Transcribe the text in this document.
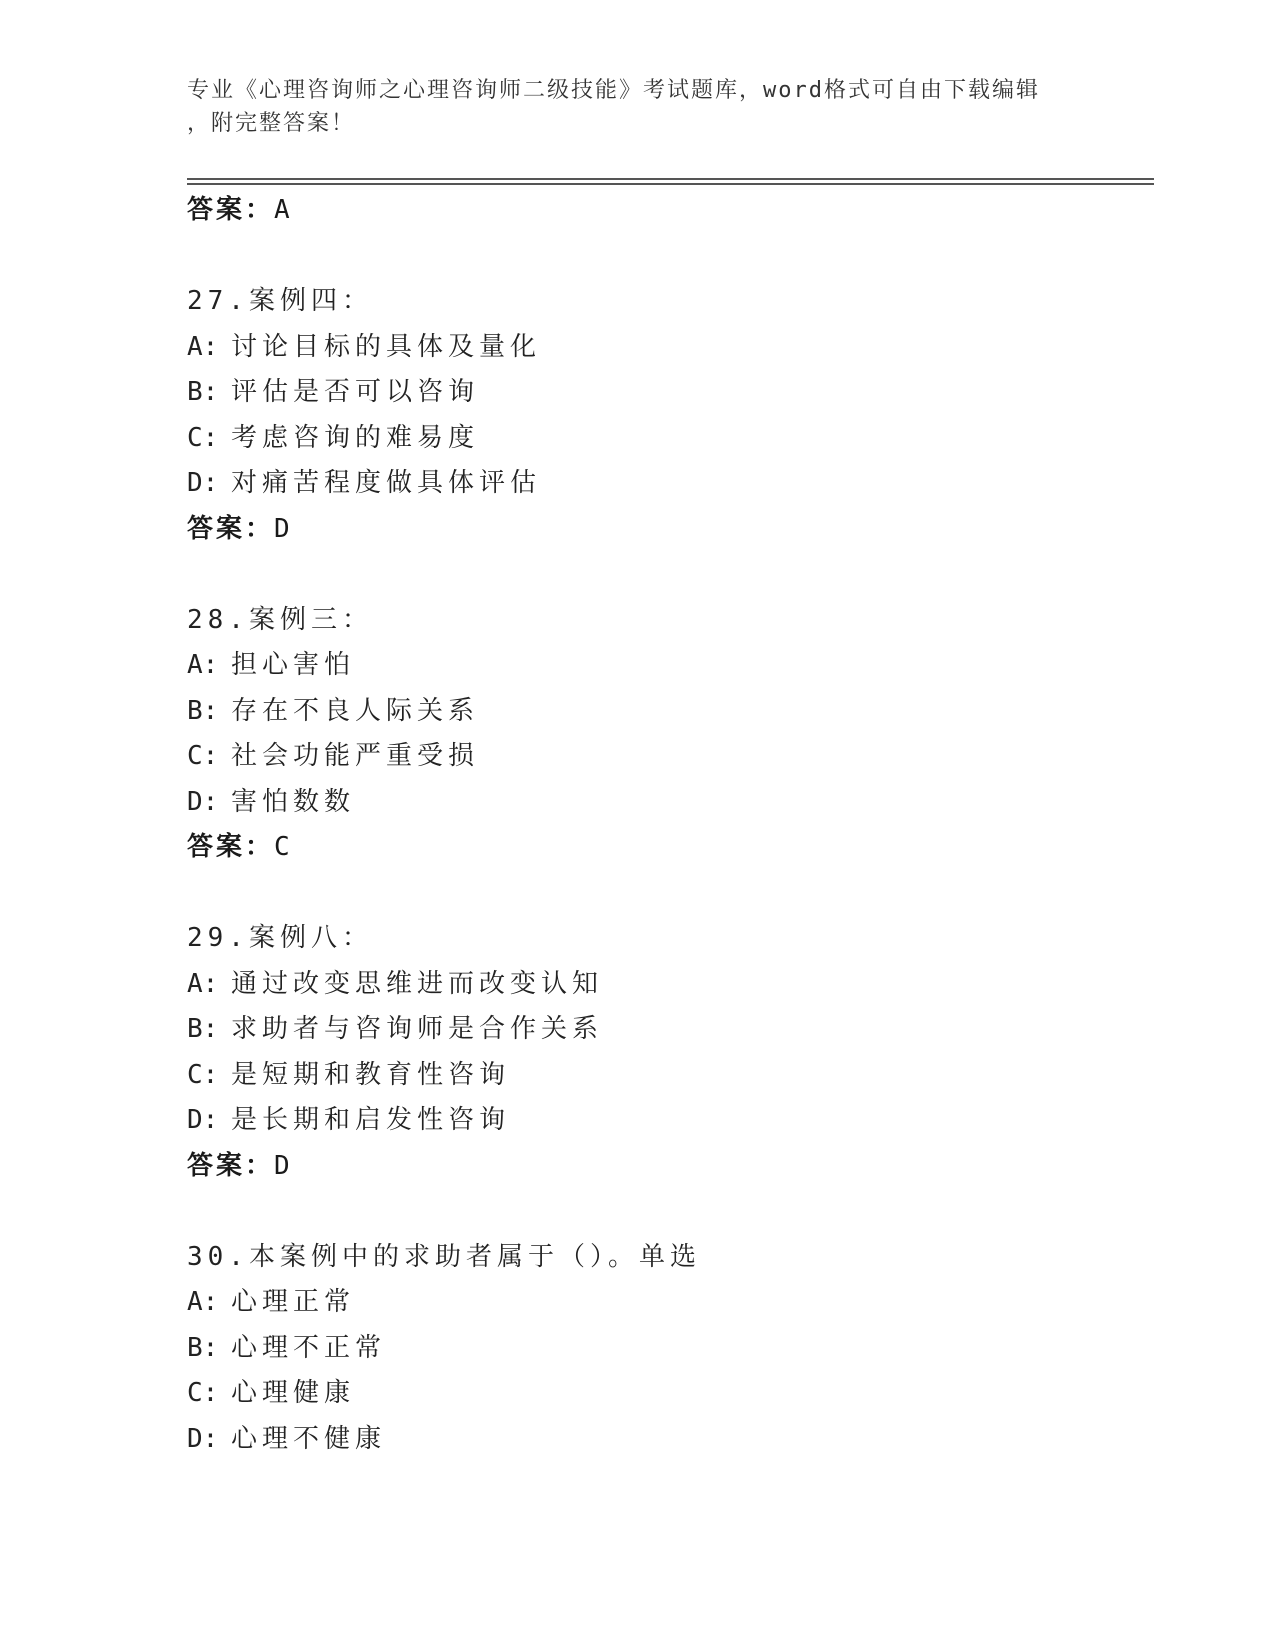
专业《心理咨询师之心理咨询师二级技能》考试题库，word格式可自由下载编辑
，附完整答案！
答案：A
27.案例四：
A: 讨论目标的具体及量化
B: 评估是否可以咨询
C: 考虑咨询的难易度
D: 对痛苦程度做具体评估
答案：D
28.案例三：
A: 担心害怕
B: 存在不良人际关系
C: 社会功能严重受损
D: 害怕数数
答案：C
29.案例八：
A: 通过改变思维进而改变认知
B: 求助者与咨询师是合作关系
C: 是短期和教育性咨询
D: 是长期和启发性咨询
答案：D
30.本案例中的求助者属于（）。单选
A: 心理正常
B: 心理不正常
C: 心理健康
D: 心理不健康
